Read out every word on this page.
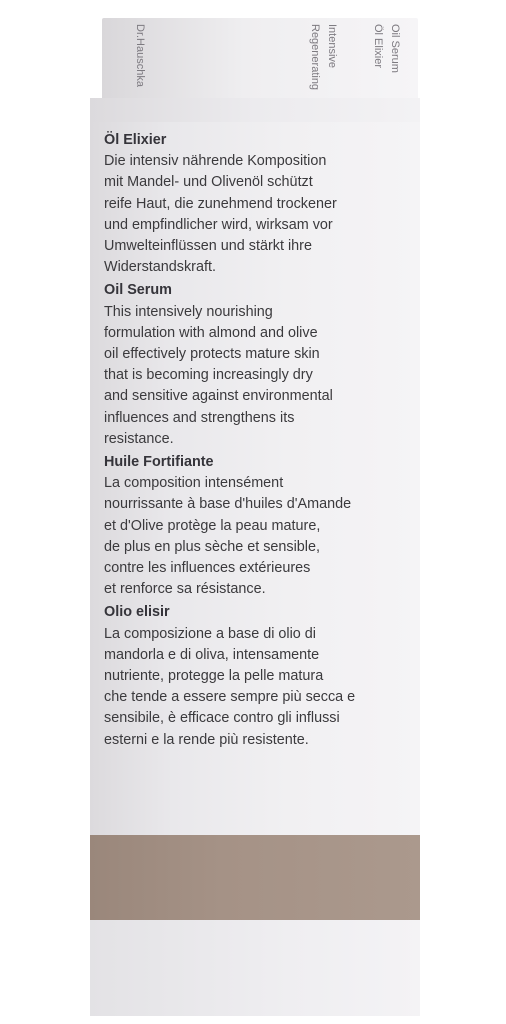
Dr.Hauschka	Regenerating Intensive	Öl Elixier Oil Serum
Öl Elixier
Die intensiv nährende Komposition
mit Mandel- und Olivenöl schützt
reife Haut, die zunehmend trockener
und empfindlicher wird, wirksam vor
Umwelteinflüssen und stärkt ihre
Widerstandskraft.
Oil Serum
This intensively nourishing
formulation with almond and olive
oil effectively protects mature skin
that is becoming increasingly dry
and sensitive against environmental
influences and strengthens its
resistance.
Huile Fortifiante
La composition intensément
nourrissante à base d'huiles d'Amande
et d'Olive protège la peau mature,
de plus en plus sèche et sensible,
contre les influences extérieures
et renforce sa résistance.
Olio elisir
La composizione a base di olio di
mandorla e di oliva, intensamente
nutriente, protegge la pelle matura
che tende a essere sempre più secca e
sensibile, è efficace contro gli influssi
esterni e la rende più resistente.
